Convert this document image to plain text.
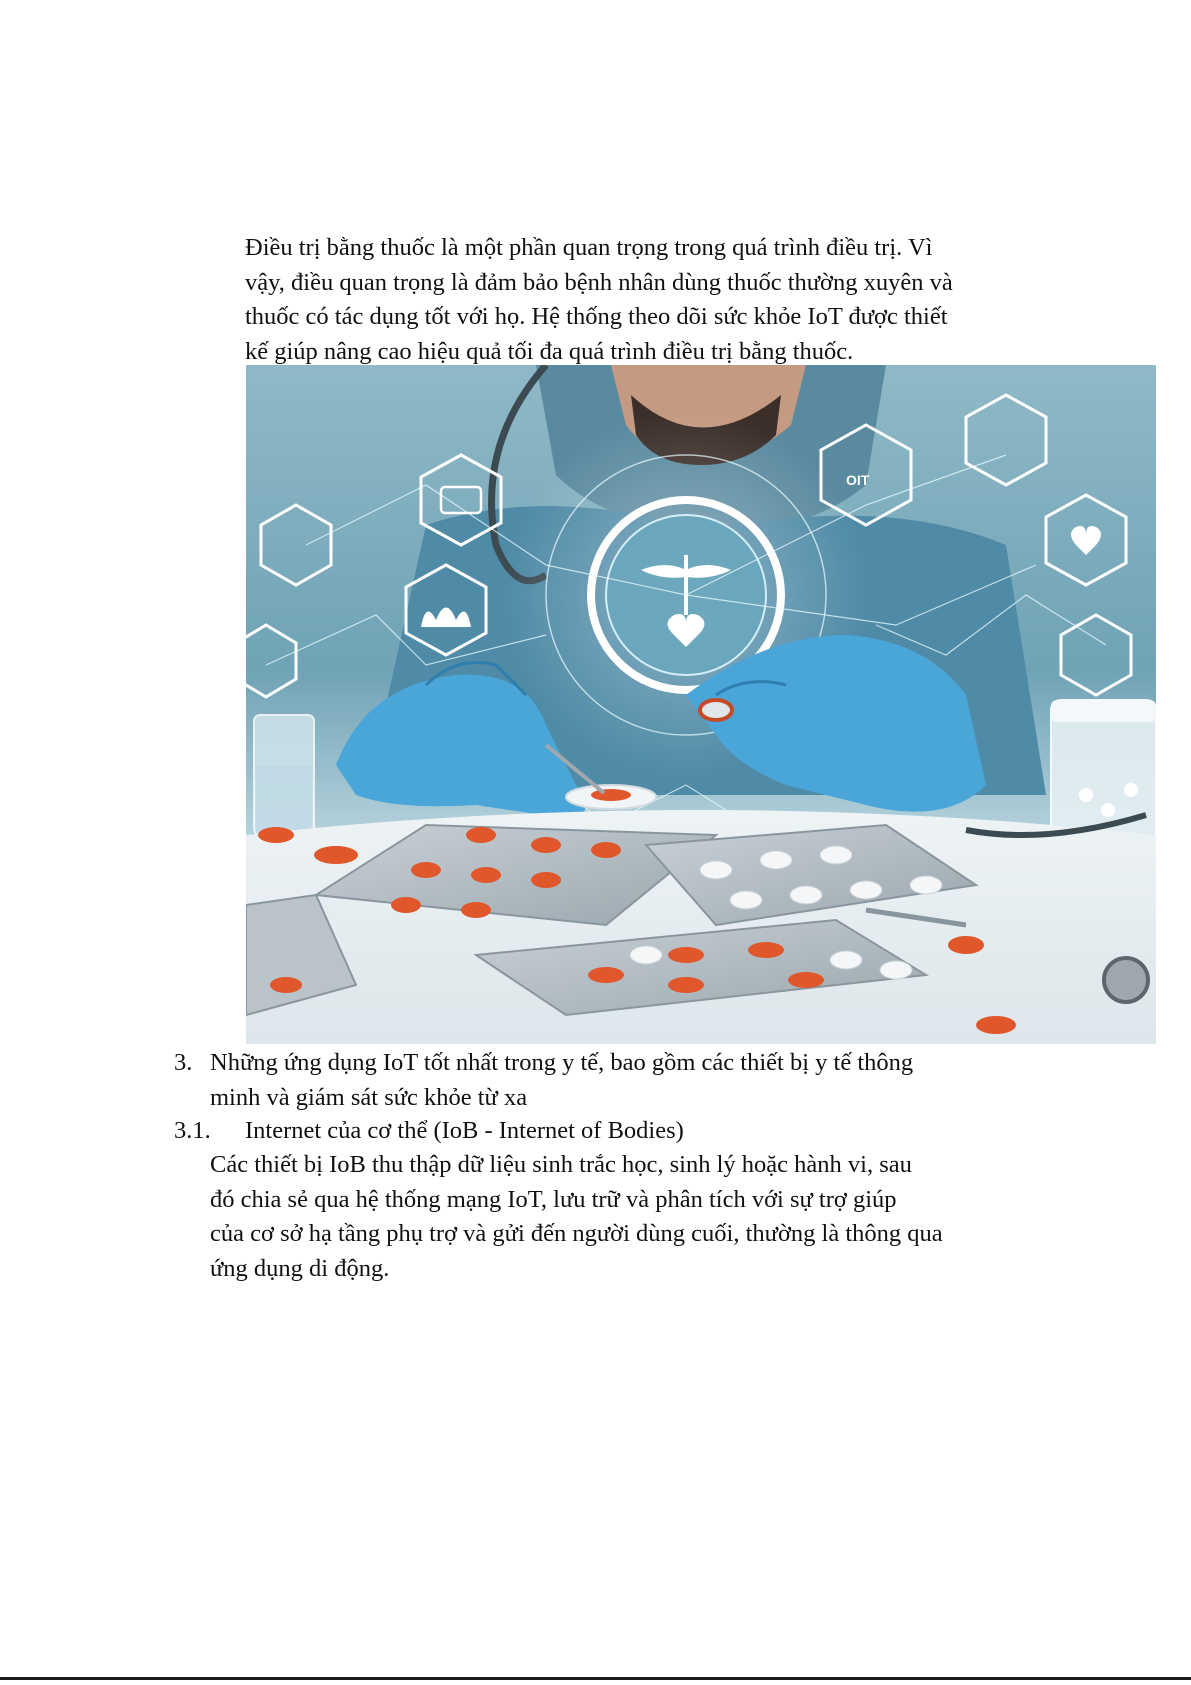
Điều trị bằng thuốc là một phần quan trọng trong quá trình điều trị. Vì
vậy, điều quan trọng là đảm bảo bệnh nhân dùng thuốc thường xuyên và
thuốc có tác dụng tốt với họ. Hệ thống theo dõi sức khỏe IoT được thiết
kế giúp nâng cao hiệu quả tối đa quá trình điều trị bằng thuốc.

OIT

3. Những ứng dụng IoT tốt nhất trong y tế, bao gồm các thiết bị y tế thông
minh và giám sát sức khỏe từ xa

3.1. Internet của cơ thể (IoB - Internet of Bodies)

Các thiết bị IoB thu thập dữ liệu sinh trắc học, sinh lý hoặc hành vi, sau
đó chia sẻ qua hệ thống mạng IoT, lưu trữ và phân tích với sự trợ giúp
của cơ sở hạ tầng phụ trợ và gửi đến người dùng cuối, thường là thông qua
ứng dụng di động.
